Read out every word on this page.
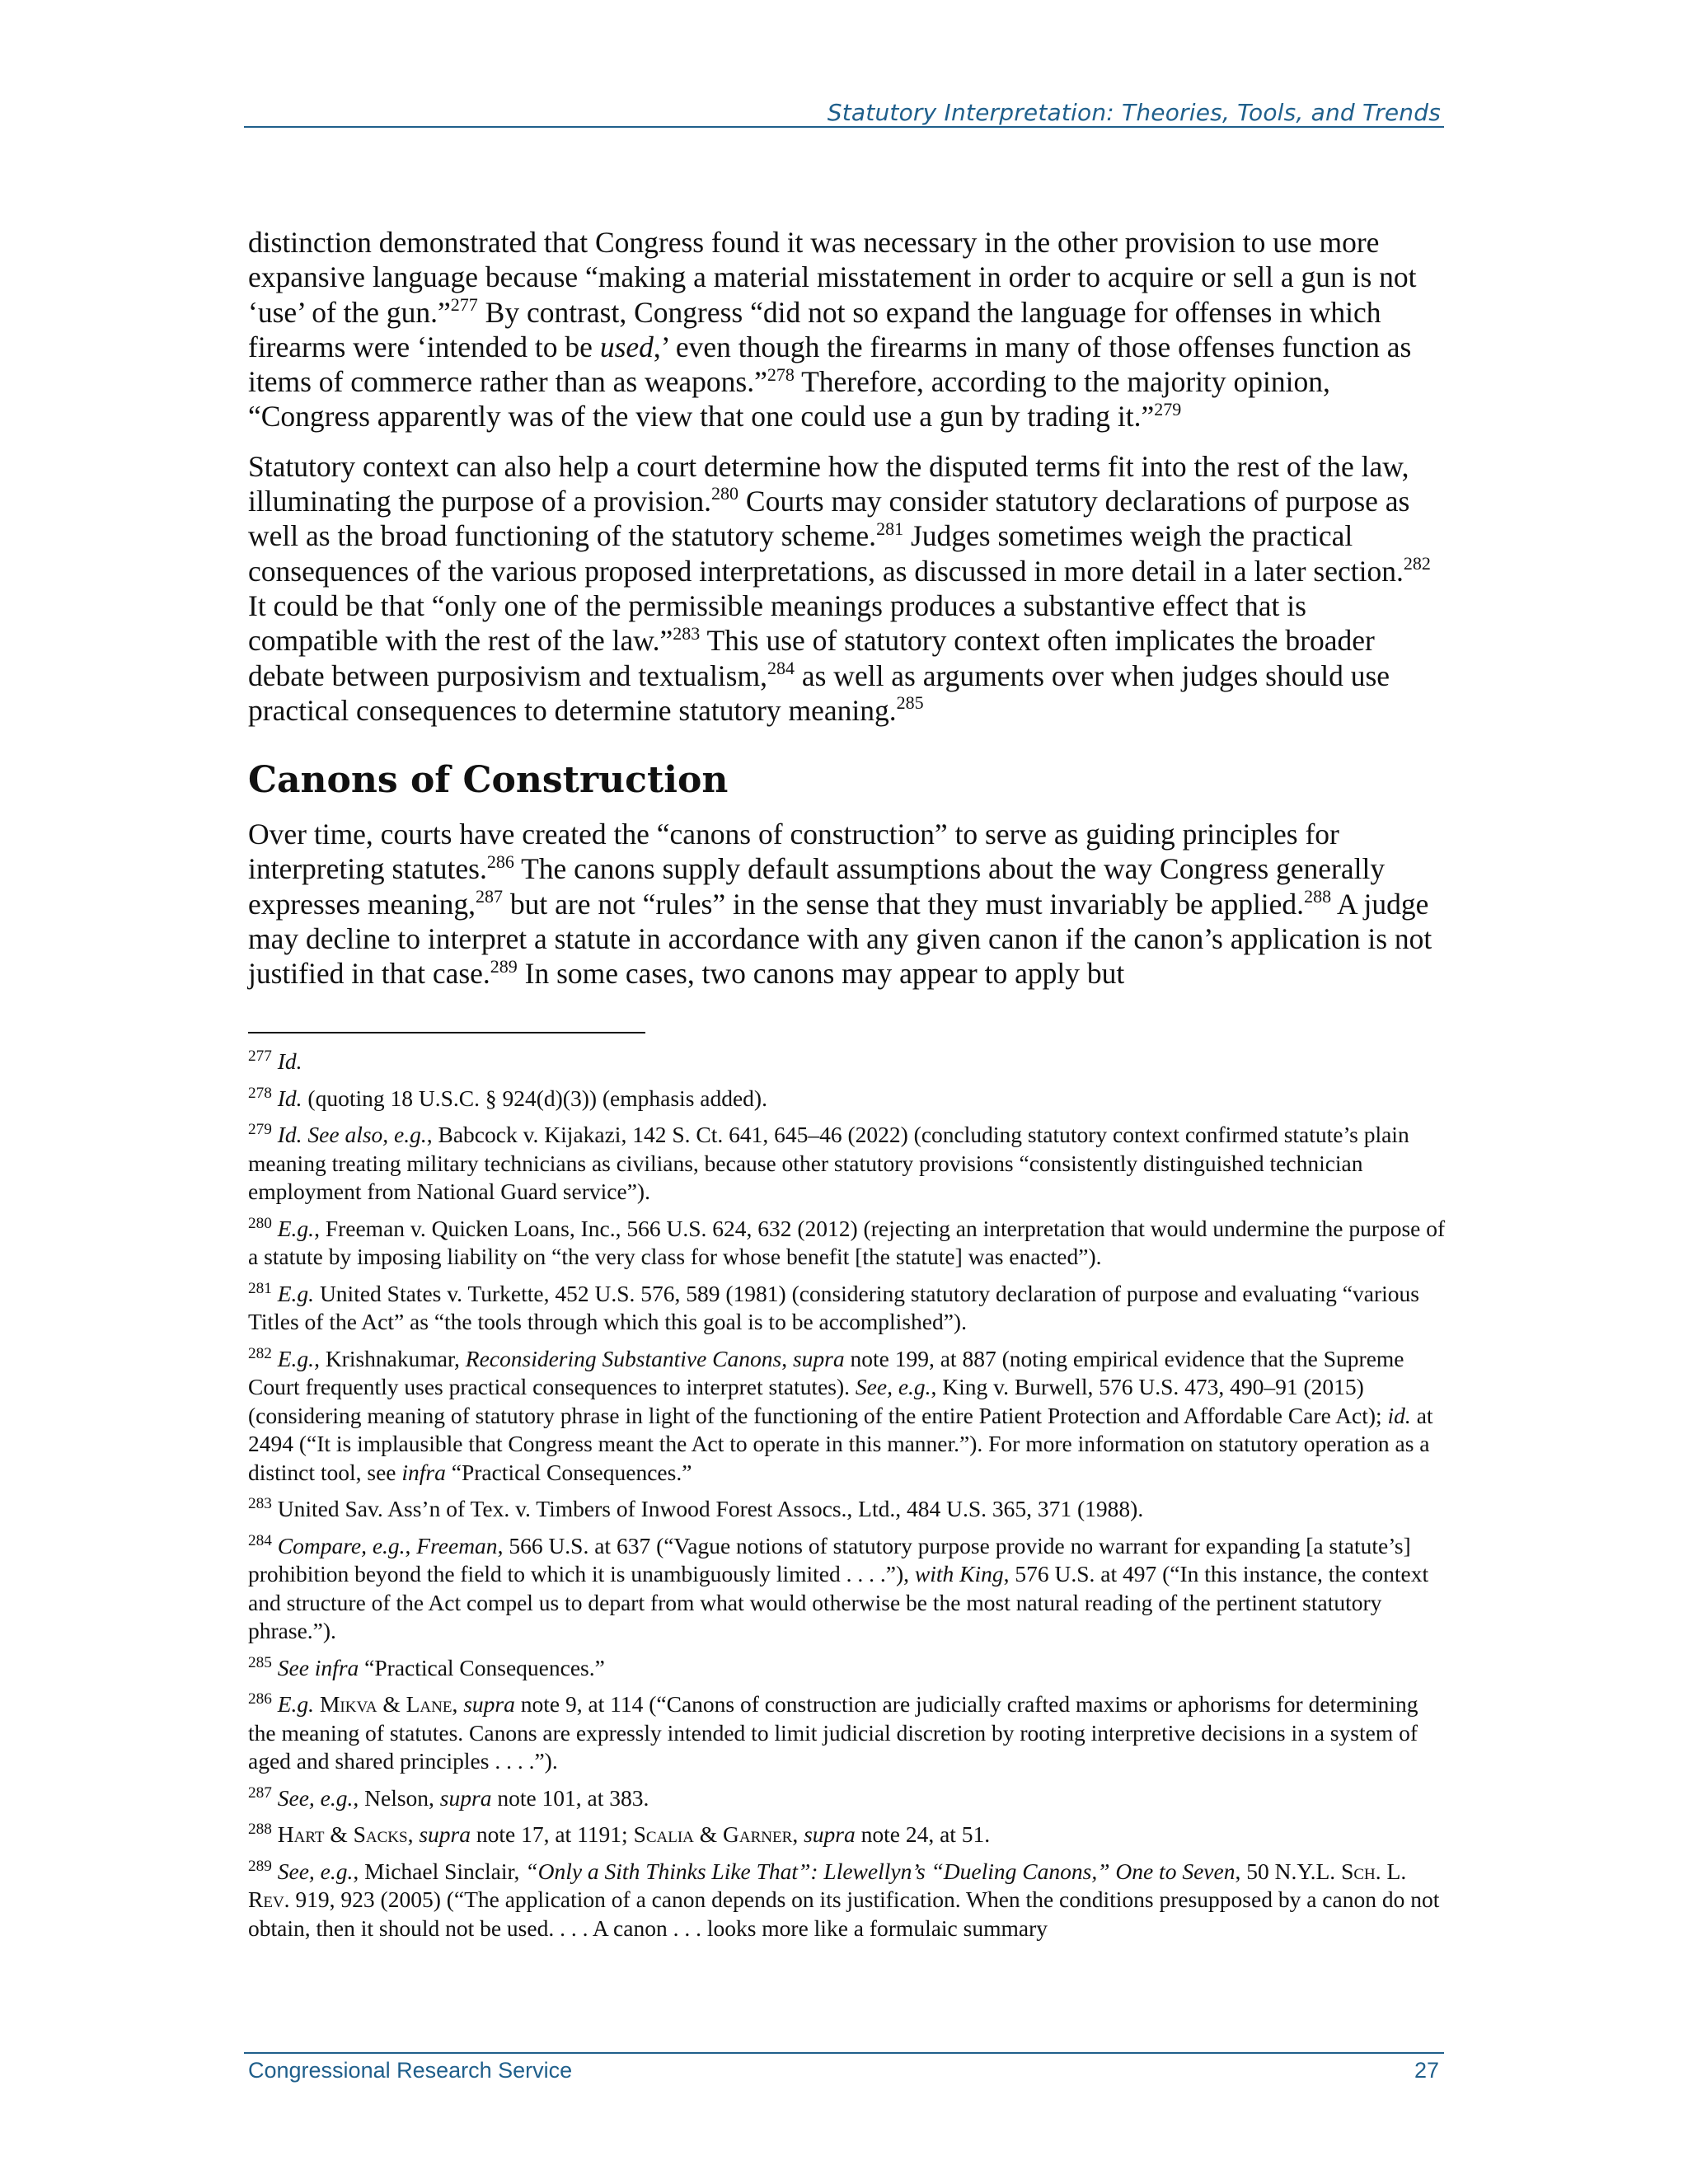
Statutory Interpretation: Theories, Tools, and Trends

distinction demonstrated that Congress found it was necessary in the other provision to use more expansive language because “making a material misstatement in order to acquire or sell a gun is not ‘use’ of the gun.”$^{277}$ By contrast, Congress “did not so expand the language for offenses in which firearms were ‘intended to be used,’ even though the firearms in many of those offenses function as items of commerce rather than as weapons.”$^{278}$ Therefore, according to the majority opinion, “Congress apparently was of the view that one could use a gun by trading it.”$^{279}$

Statutory context can also help a court determine how the disputed terms fit into the rest of the law, illuminating the purpose of a provision.$^{280}$ Courts may consider statutory declarations of purpose as well as the broad functioning of the statutory scheme.$^{281}$ Judges sometimes weigh the practical consequences of the various proposed interpretations, as discussed in more detail in a later section.$^{282}$ It could be that “only one of the permissible meanings produces a substantive effect that is compatible with the rest of the law.”$^{283}$ This use of statutory context often implicates the broader debate between purposivism and textualism,$^{284}$ as well as arguments over when judges should use practical consequences to determine statutory meaning.$^{285}$

Canons of Construction

Over time, courts have created the “canons of construction” to serve as guiding principles for interpreting statutes.$^{286}$ The canons supply default assumptions about the way Congress generally expresses meaning,$^{287}$ but are not “rules” in the sense that they must invariably be applied.$^{288}$ A judge may decline to interpret a statute in accordance with any given canon if the canon’s application is not justified in that case.$^{289}$ In some cases, two canons may appear to apply but

$^{277}$ Id.

$^{278}$ Id. (quoting 18 U.S.C. § 924(d)(3)) (emphasis added).

$^{279}$ Id. See also, e.g., Babcock v. Kijakazi, 142 S. Ct. 641, 645–46 (2022) (concluding statutory context confirmed statute’s plain meaning treating military technicians as civilians, because other statutory provisions “consistently distinguished technician employment from National Guard service”).

$^{280}$ E.g., Freeman v. Quicken Loans, Inc., 566 U.S. 624, 632 (2012) (rejecting an interpretation that would undermine the purpose of a statute by imposing liability on “the very class for whose benefit [the statute] was enacted”).

$^{281}$ E.g. United States v. Turkette, 452 U.S. 576, 589 (1981) (considering statutory declaration of purpose and evaluating “various Titles of the Act” as “the tools through which this goal is to be accomplished”).

$^{282}$ E.g., Krishnakumar, Reconsidering Substantive Canons, supra note 199, at 887 (noting empirical evidence that the Supreme Court frequently uses practical consequences to interpret statutes). See, e.g., King v. Burwell, 576 U.S. 473, 490–91 (2015) (considering meaning of statutory phrase in light of the functioning of the entire Patient Protection and Affordable Care Act); id. at 2494 (“It is implausible that Congress meant the Act to operate in this manner.”). For more information on statutory operation as a distinct tool, see infra “Practical Consequences.”

$^{283}$ United Sav. Ass’n of Tex. v. Timbers of Inwood Forest Assocs., Ltd., 484 U.S. 365, 371 (1988).

$^{284}$ Compare, e.g., Freeman, 566 U.S. at 637 (“Vague notions of statutory purpose provide no warrant for expanding [a statute’s] prohibition beyond the field to which it is unambiguously limited . . . .”), with King, 576 U.S. at 497 (“In this instance, the context and structure of the Act compel us to depart from what would otherwise be the most natural reading of the pertinent statutory phrase.”).

$^{285}$ See infra “Practical Consequences.”

$^{286}$ E.g. Mikva & Lane, supra note 9, at 114 (“Canons of construction are judicially crafted maxims or aphorisms for determining the meaning of statutes. Canons are expressly intended to limit judicial discretion by rooting interpretive decisions in a system of aged and shared principles . . . .”).

$^{287}$ See, e.g., Nelson, supra note 101, at 383.

$^{288}$ Hart & Sacks, supra note 17, at 1191; Scalia & Garner, supra note 24, at 51.

$^{289}$ See, e.g., Michael Sinclair, “Only a Sith Thinks Like That”: Llewellyn’s “Dueling Canons,” One to Seven, 50 N.Y.L. Sch. L. Rev. 919, 923 (2005) (“The application of a canon depends on its justification. When the conditions presupposed by a canon do not obtain, then it should not be used. . . . A canon . . . looks more like a formulaic summary

Congressional Research Service	27
